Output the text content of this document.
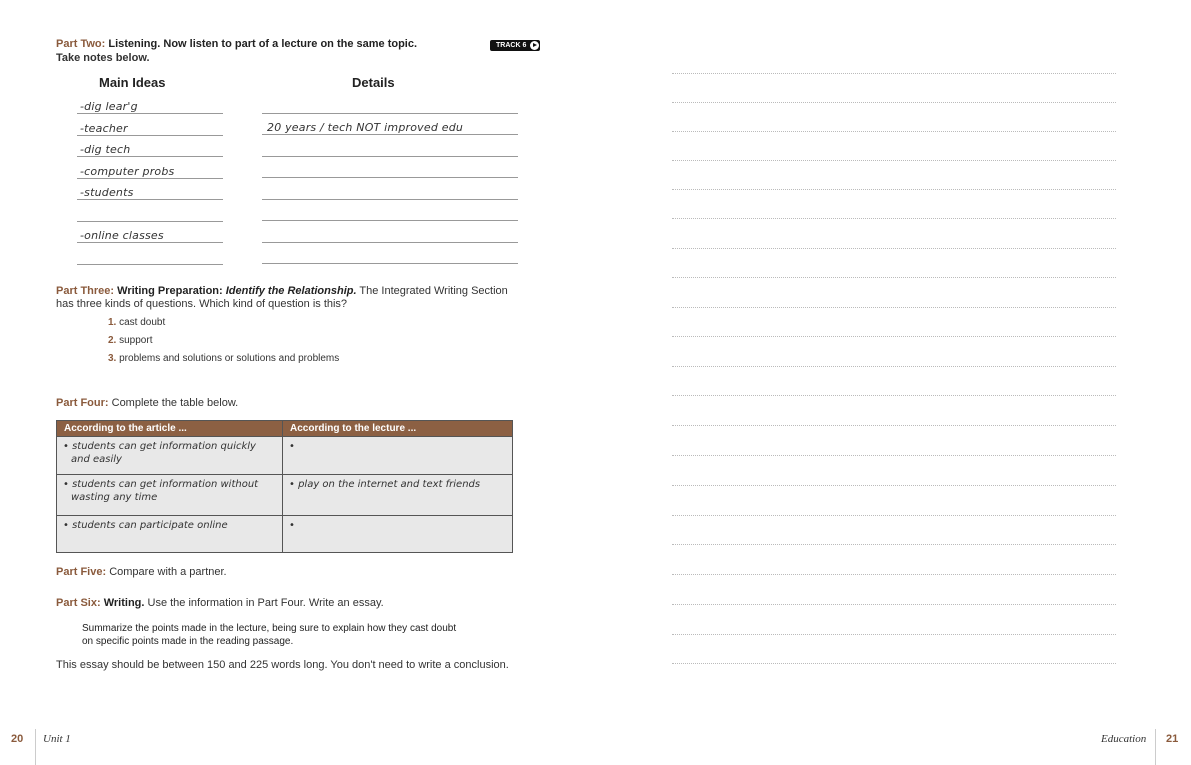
Part Two: Listening. Now listen to part of a lecture on the same topic.
Take notes below.
TRACK 6
Main Ideas	Details
-dig lear'g
-teacher	20 years / tech NOT improved edu
-dig tech
-computer probs
-students
-online classes
Part Three: Writing Preparation: Identify the Relationship. The Integrated Writing Section
has three kinds of questions. Which kind of question is this?
1. cast doubt
2. support
3. problems and solutions or solutions and problems
Part Four: Complete the table below.
According to the article ...	According to the lecture ...

• students can get information quickly
and easily	•

• students can get information without
wasting any time	• play on the internet and text friends

• students can participate online	•
Part Five: Compare with a partner.
Part Six: Writing. Use the information in Part Four. Write an essay.
Summarize the points made in the lecture, being sure to explain how they cast doubt
on specific points made in the reading passage.
This essay should be between 150 and 225 words long. You don't need to write a conclusion.
20 Unit 1	Education 21
